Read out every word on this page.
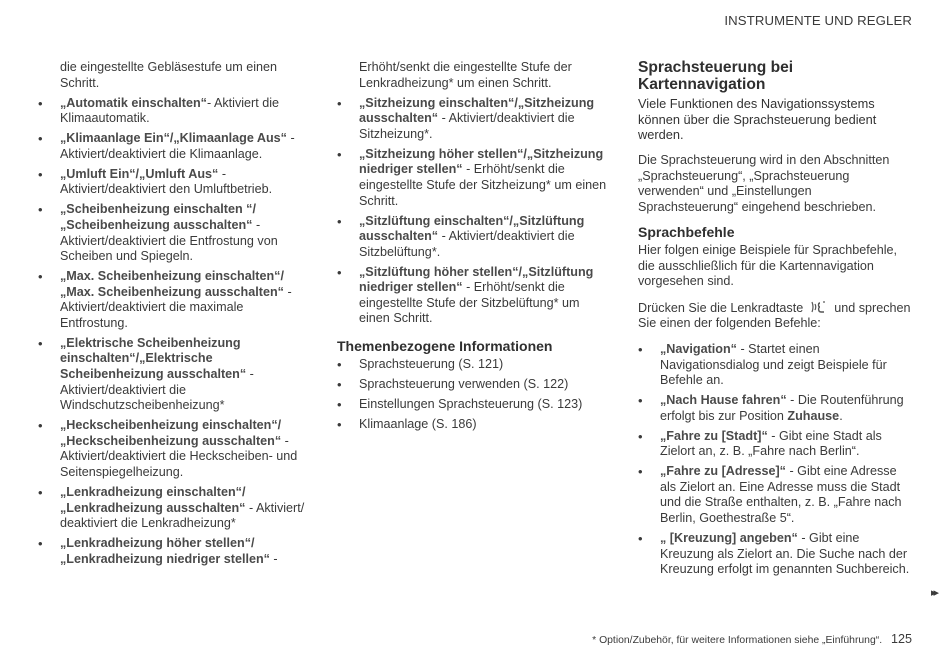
INSTRUMENTE UND REGLER
die eingestellte Gebläsestufe um einen Schritt.
• „Automatik einschalten“- Aktiviert die Klimaautomatik.
• „Klimaanlage Ein“/„Klimaanlage Aus“ - Aktiviert/deaktiviert die Klimaanlage.
• „Umluft Ein“/„Umluft Aus“ - Aktiviert/deaktiviert den Umluftbetrieb.
• „Scheibenheizung einschalten “/ „Scheibenheizung ausschalten“ - Aktiviert/deaktiviert die Entfrostung von Scheiben und Spiegeln.
• „Max. Scheibenheizung einschalten“/ „Max. Scheibenheizung ausschalten“ - Aktiviert/deaktiviert die maximale Entfrostung.
• „Elektrische Scheibenheizung einschalten“/„Elektrische Scheibenheizung ausschalten“ - Aktiviert/deaktiviert die Windschutzscheibenheizung*
• „Heckscheibenheizung einschalten“/ „Heckscheibenheizung ausschalten“ - Aktiviert/deaktiviert die Heckscheiben- und Seitenspiegelheizung.
• „Lenkradheizung einschalten“/ „Lenkradheizung ausschalten“ - Aktiviert/ deaktiviert die Lenkradheizung*
• „Lenkradheizung höher stellen“/ „Lenkradheizung niedriger stellen“ -
Erhöht/senkt die eingestellte Stufe der Lenkradheizung* um einen Schritt.
• „Sitzheizung einschalten“/„Sitzheizung ausschalten“ - Aktiviert/deaktiviert die Sitzheizung*.
• „Sitzheizung höher stellen“/„Sitzheizung niedriger stellen“ - Erhöht/senkt die eingestellte Stufe der Sitzheizung* um einen Schritt.
• „Sitzlüftung einschalten“/„Sitzlüftung ausschalten“ - Aktiviert/deaktiviert die Sitzbelüftung*.
• „Sitzlüftung höher stellen“/„Sitzlüftung niedriger stellen“ - Erhöht/senkt die eingestellte Stufe der Sitzbelüftung* um einen Schritt.
Themenbezogene Informationen
• Sprachsteuerung (S. 121)
• Sprachsteuerung verwenden (S. 122)
• Einstellungen Sprachsteuerung (S. 123)
• Klimaanlage (S. 186)
Sprachsteuerung bei Kartennavigation
Viele Funktionen des Navigationssystems können über die Sprachsteuerung bedient werden.

Die Sprachsteuerung wird in den Abschnitten „Sprachsteuerung“, „Sprachsteuerung verwenden“ und „Einstellungen Sprachsteuerung“ eingehend beschrieben.

Sprachbefehle

Hier folgen einige Beispiele für Sprachbefehle, die ausschließlich für die Kartennavigation vorgesehen sind.

Drücken Sie die Lenkradtaste und sprechen Sie einen der folgenden Befehle:

• „Navigation“ - Startet einen Navigationsdialog und zeigt Beispiele für Befehle an.
• „Nach Hause fahren“ - Die Routenführung erfolgt bis zur Position Zuhause.
• „Fahre zu [Stadt]“ - Gibt eine Stadt als Zielort an, z. B. „Fahre nach Berlin“.
• „Fahre zu [Adresse]“ - Gibt eine Adresse als Zielort an. Eine Adresse muss die Stadt und die Straße enthalten, z. B. „Fahre nach Berlin, Goethestraße 5“.
• „ [Kreuzung] angeben“ - Gibt eine Kreuzung als Zielort an. Die Suche nach der Kreuzung erfolgt im genannten Suchbereich.
▸▸
* Option/Zubehör, für weitere Informationen siehe „Einführung“. 125
